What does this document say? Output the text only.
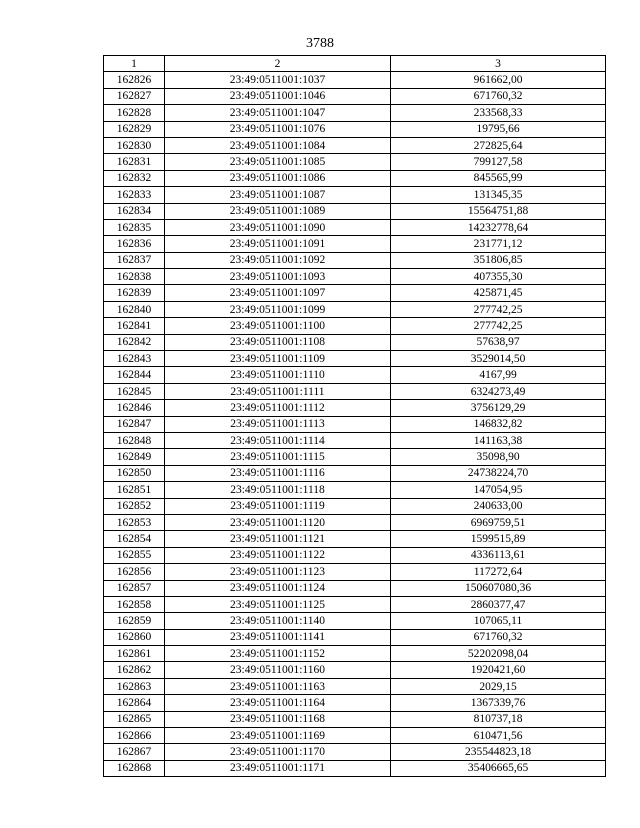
3788
1	2	3
162826	23:49:0511001:1037	961662,00
162827	23:49:0511001:1046	671760,32
162828	23:49:0511001:1047	233568,33
162829	23:49:0511001:1076	19795,66
162830	23:49:0511001:1084	272825,64
162831	23:49:0511001:1085	799127,58
162832	23:49:0511001:1086	845565,99
162833	23:49:0511001:1087	131345,35
162834	23:49:0511001:1089	15564751,88
162835	23:49:0511001:1090	14232778,64
162836	23:49:0511001:1091	231771,12
162837	23:49:0511001:1092	351806,85
162838	23:49:0511001:1093	407355,30
162839	23:49:0511001:1097	425871,45
162840	23:49:0511001:1099	277742,25
162841	23:49:0511001:1100	277742,25
162842	23:49:0511001:1108	57638,97
162843	23:49:0511001:1109	3529014,50
162844	23:49:0511001:1110	4167,99
162845	23:49:0511001:1111	6324273,49
162846	23:49:0511001:1112	3756129,29
162847	23:49:0511001:1113	146832,82
162848	23:49:0511001:1114	141163,38
162849	23:49:0511001:1115	35098,90
162850	23:49:0511001:1116	24738224,70
162851	23:49:0511001:1118	147054,95
162852	23:49:0511001:1119	240633,00
162853	23:49:0511001:1120	6969759,51
162854	23:49:0511001:1121	1599515,89
162855	23:49:0511001:1122	4336113,61
162856	23:49:0511001:1123	117272,64
162857	23:49:0511001:1124	150607080,36
162858	23:49:0511001:1125	2860377,47
162859	23:49:0511001:1140	107065,11
162860	23:49:0511001:1141	671760,32
162861	23:49:0511001:1152	52202098,04
162862	23:49:0511001:1160	1920421,60
162863	23:49:0511001:1163	2029,15
162864	23:49:0511001:1164	1367339,76
162865	23:49:0511001:1168	810737,18
162866	23:49:0511001:1169	610471,56
162867	23:49:0511001:1170	235544823,18
162868	23:49:0511001:1171	35406665,65
